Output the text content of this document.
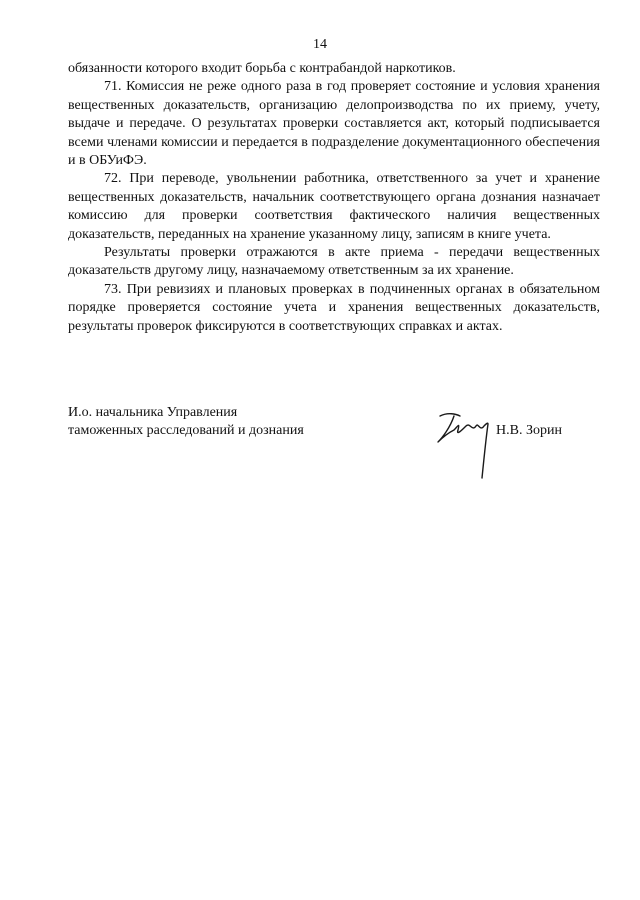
14

обязанности которого входит борьба с контрабандой наркотиков.

71. Комиссия не реже одного раза в год проверяет состояние и условия хранения вещественных доказательств, организацию делопроизводства по их приему, учету, выдаче и передаче. О результатах проверки составляется акт, который подписывается всеми членами комиссии и передается в подразделение документационного обеспечения и в ОБУиФЭ.

72. При переводе, увольнении работника, ответственного за учет и хранение вещественных доказательств, начальник соответствующего органа дознания назначает комиссию для проверки соответствия фактического наличия вещественных доказательств, переданных на хранение указанному лицу, записям в книге учета.

Результаты проверки отражаются в акте приема - передачи вещественных доказательств другому лицу, назначаемому ответственным за их хранение.

73. При ревизиях и плановых проверках в подчиненных органах в обязательном порядке проверяется состояние учета и хранения вещественных доказательств, результаты проверок фиксируются в соответствующих справках и актах.

И.о. начальника Управления
таможенных расследований и дознания	Н.В. Зорин
